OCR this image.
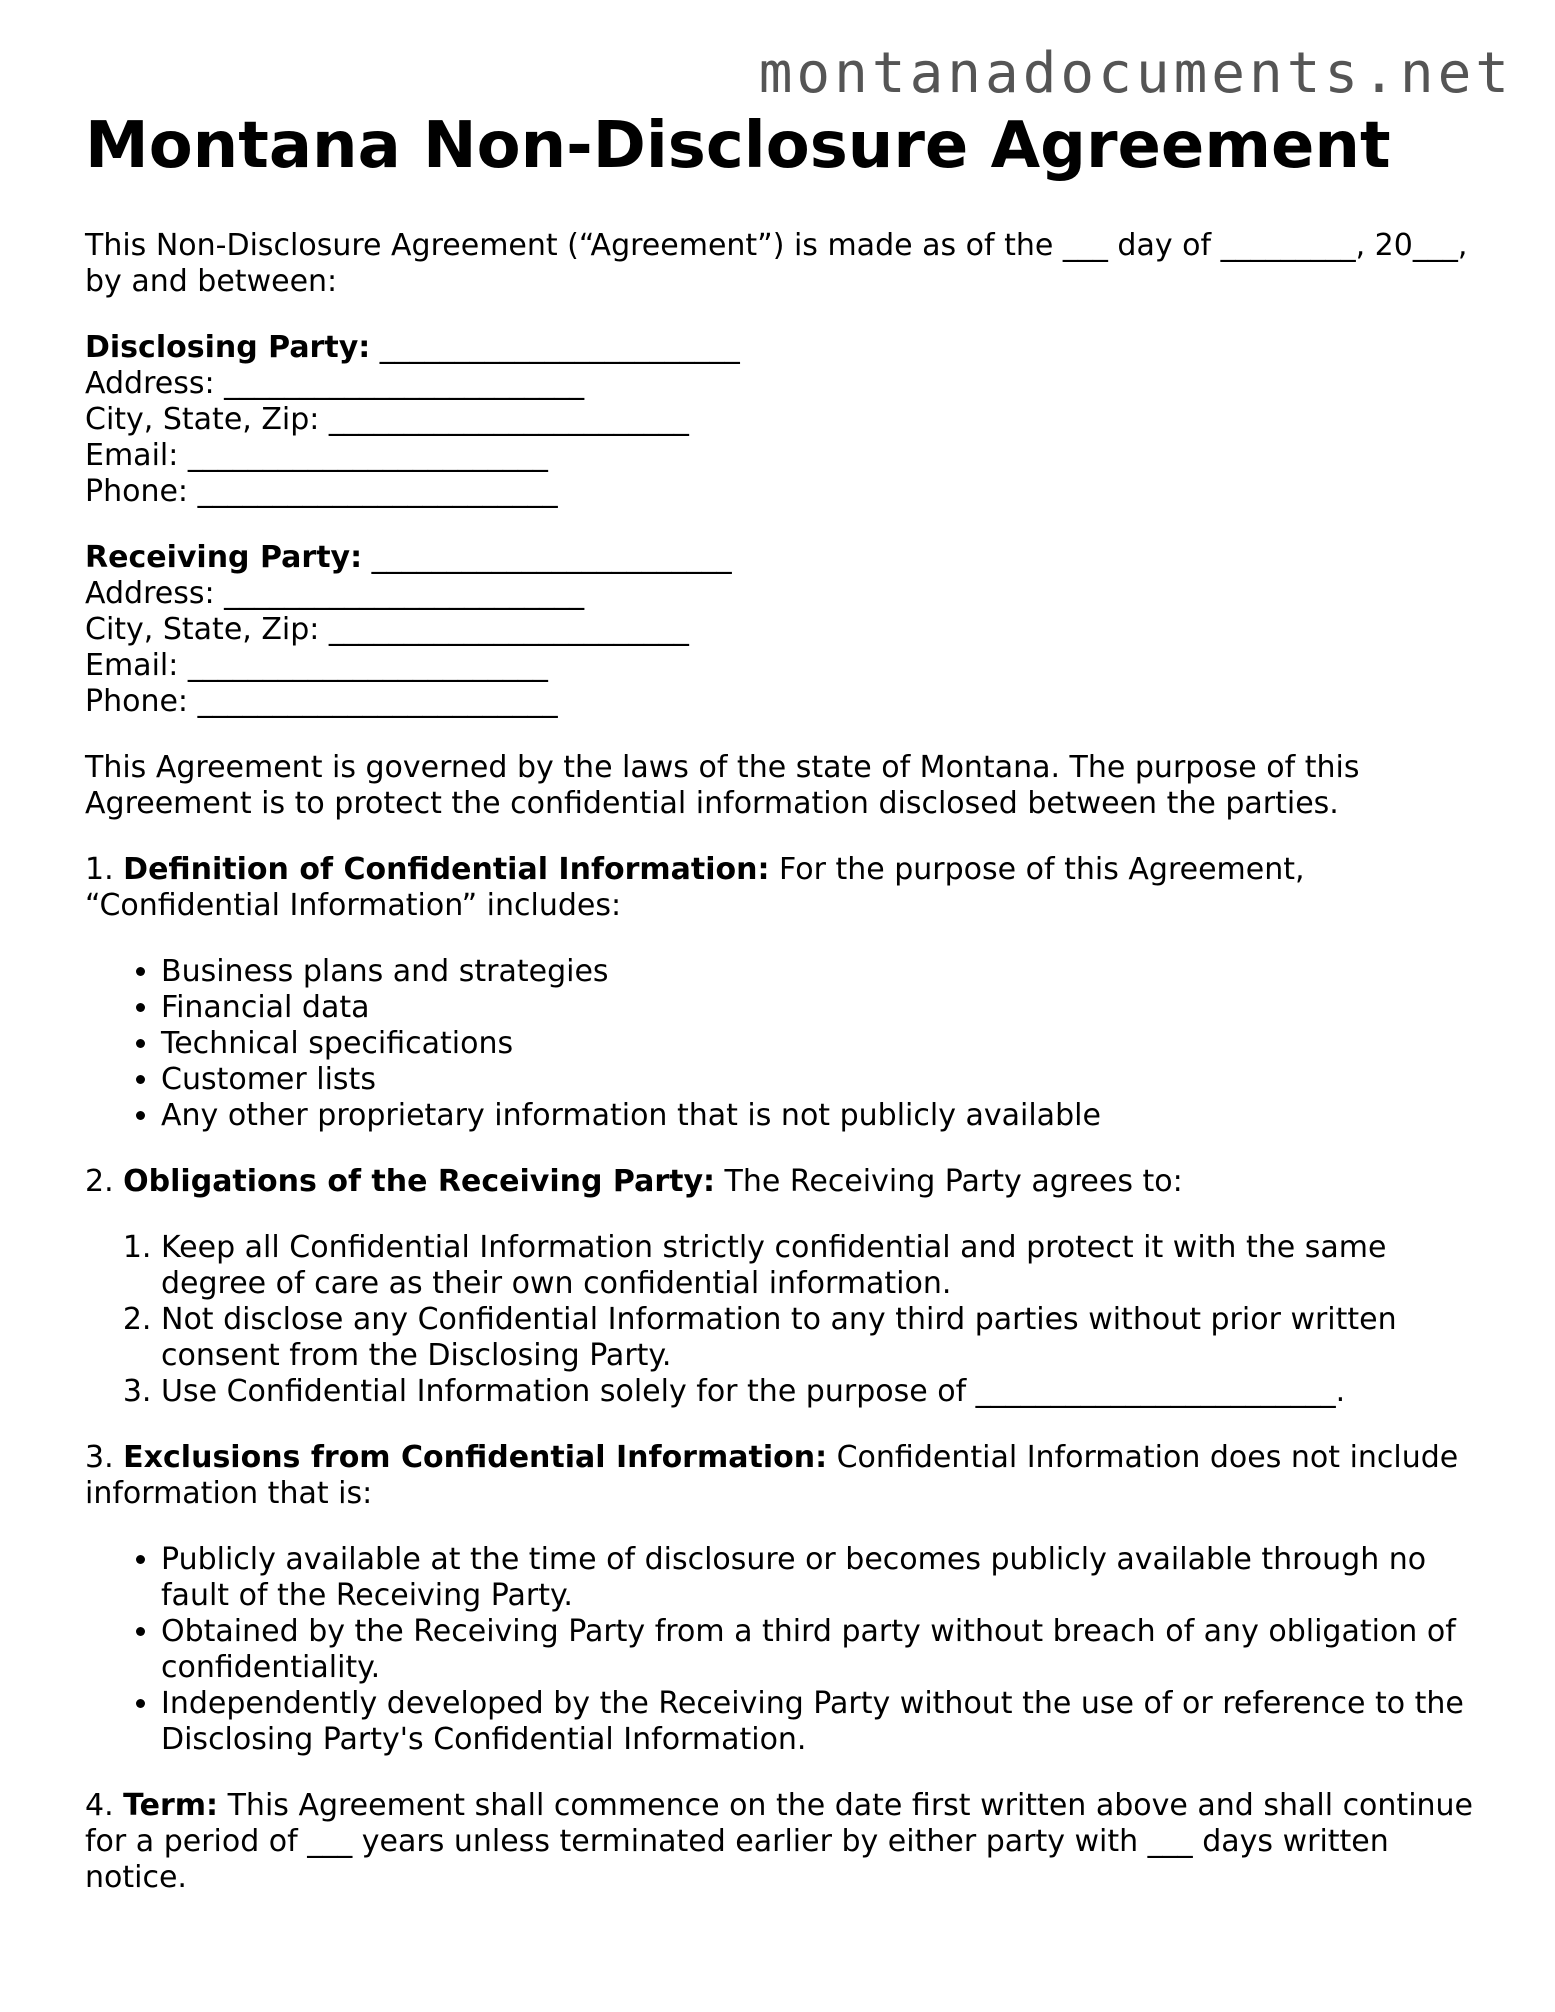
montanadocuments.net
Montana Non-Disclosure Agreement

This Non-Disclosure Agreement (“Agreement”) is made as of the ___ day of _________, 20___, by and between:

Disclosing Party: ________________________
Address: ________________________
City, State, Zip: ________________________
Email: ________________________
Phone: ________________________
Receiving Party: ________________________
Address: ________________________
City, State, Zip: ________________________
Email: ________________________
Phone: ________________________

This Agreement is governed by the laws of the state of Montana. The purpose of this Agreement is to protect the confidential information disclosed between the parties.

1. Definition of Confidential Information: For the purpose of this Agreement, “Confidential Information” includes:

• Business plans and strategies
• Financial data
• Technical specifications
• Customer lists
• Any other proprietary information that is not publicly available

2. Obligations of the Receiving Party: The Receiving Party agrees to:

1. Keep all Confidential Information strictly confidential and protect it with the same degree of care as their own confidential information.
2. Not disclose any Confidential Information to any third parties without prior written consent from the Disclosing Party.
3. Use Confidential Information solely for the purpose of ________________________.

3. Exclusions from Confidential Information: Confidential Information does not include information that is:

• Publicly available at the time of disclosure or becomes publicly available through no fault of the Receiving Party.
• Obtained by the Receiving Party from a third party without breach of any obligation of confidentiality.
• Independently developed by the Receiving Party without the use of or reference to the Disclosing Party's Confidential Information.

4. Term: This Agreement shall commence on the date first written above and shall continue for a period of ___ years unless terminated earlier by either party with ___ days written notice.
